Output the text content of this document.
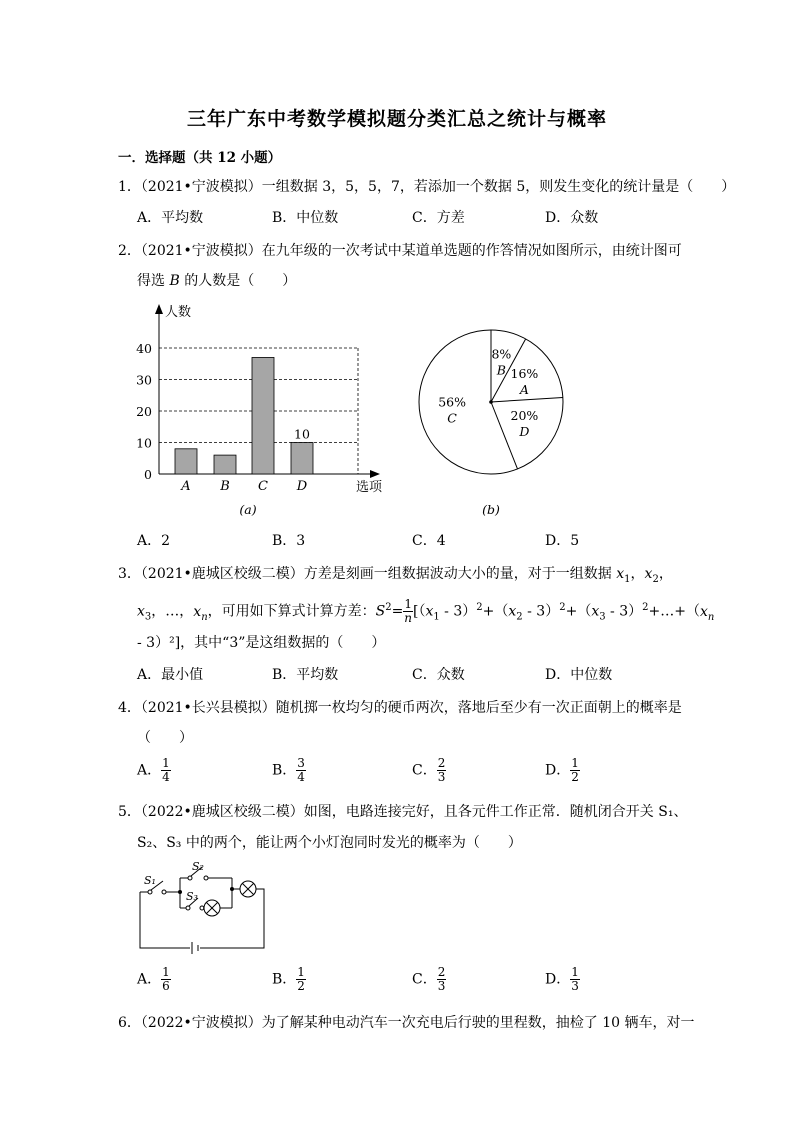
三年广东中考数学模拟题分类汇总之统计与概率
一．选择题（共 12 小题）
1．（2021•宁波模拟）一组数据 3，5，5，7，若添加一个数据 5，则发生变化的统计量是（　　）
A．平均数	B．中位数	C．方差	D．众数
2．（2021•宁波模拟）在九年级的一次考试中某道单选题的作答情况如图所示，由统计图可
得选 B 的人数是（　　）
人数
选项
0
10
20
30
40
A B C D
10
(a)
8%
B 16%
A
20%
D
56%
C
(b)
A．2	B．3	C．4	D．5
3．（2021•鹿城区校级二模）方差是刻画一组数据波动大小的量，对于一组数据 $x_1$，$x_2$，
$x_3$，…，$x_n$，可用如下算式计算方差：$S^2= \frac{1}{n} [(x_1 - 3)^2+(x_2 - 3)^2+(x_3$ - $3)^2+\dots+(x_n$
- 3）²]，其中“3”是这组数据的（　　）
A．最小值	B．平均数	C．众数	D．中位数
4．（2021•长兴县模拟）随机掷一枚均匀的硬币两次，落地后至少有一次正面朝上的概率是
（　　）
A． $\frac{1}{4}$	B． $\frac{3}{4}$	C． $\frac{2}{3}$	D． $\frac{1}{2}$
5．（2022•鹿城区校级二模）如图，电路连接完好，且各元件工作正常．随机闭合开关 S₁、
S₂、S₃ 中的两个，能让两个小灯泡同时发光的概率为（　　）
S₁
S₂
S₃
A． $\frac{1}{6}$	B． $\frac{1}{2}$	C． $\frac{2}{3}$	D． $\frac{1}{3}$
6．（2022•宁波模拟）为了解某种电动汽车一次充电后行驶的里程数，抽检了 10 辆车，对一
